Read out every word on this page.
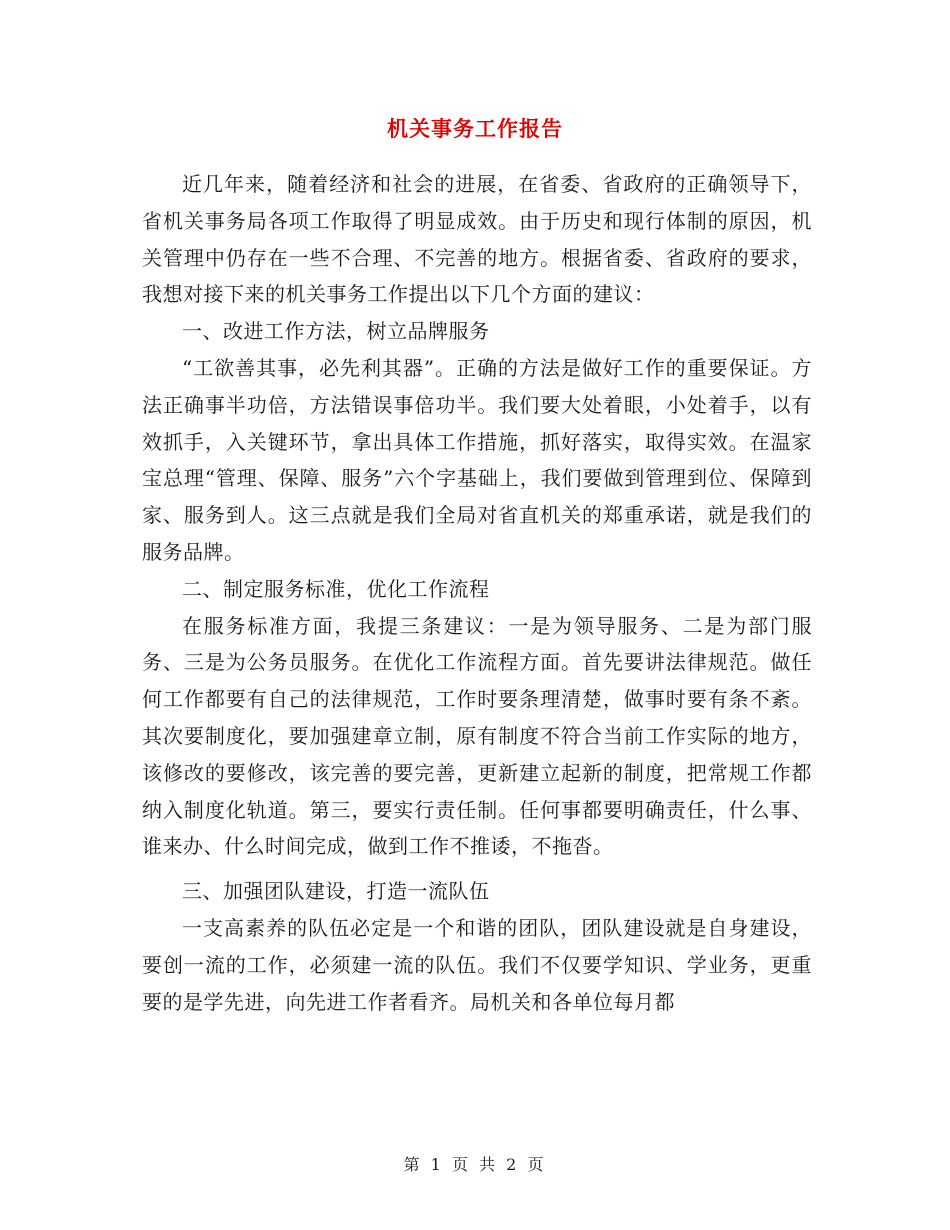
机关事务工作报告

近几年来，随着经济和社会的进展，在省委、省政府的正确领导下，省机关事务局各项工作取得了明显成效。由于历史和现行体制的原因，机关管理中仍存在一些不合理、不完善的地方。根据省委、省政府的要求，我想对接下来的机关事务工作提出以下几个方面的建议：

一、改进工作方法，树立品牌服务

“工欲善其事，必先利其器”。正确的方法是做好工作的重要保证。方法正确事半功倍，方法错误事倍功半。我们要大处着眼，小处着手，以有效抓手，入关键环节，拿出具体工作措施，抓好落实，取得实效。在温家宝总理“管理、保障、服务”六个字基础上，我们要做到管理到位、保障到家、服务到人。这三点就是我们全局对省直机关的郑重承诺，就是我们的服务品牌。

二、制定服务标准，优化工作流程

在服务标准方面，我提三条建议：一是为领导服务、二是为部门服务、三是为公务员服务。在优化工作流程方面。首先要讲法律规范。做任何工作都要有自己的法律规范，工作时要条理清楚，做事时要有条不紊。其次要制度化，要加强建章立制，原有制度不符合当前工作实际的地方，该修改的要修改，该完善的要完善，更新建立起新的制度，把常规工作都纳入制度化轨道。第三，要实行责任制。任何事都要明确责任，什么事、谁来办、什么时间完成，做到工作不推诿，不拖沓。

三、加强团队建设，打造一流队伍

一支高素养的队伍必定是一个和谐的团队，团队建设就是自身建设，要创一流的工作，必须建一流的队伍。我们不仅要学知识、学业务，更重要的是学先进，向先进工作者看齐。局机关和各单位每月都

第 1 页 共 2 页
